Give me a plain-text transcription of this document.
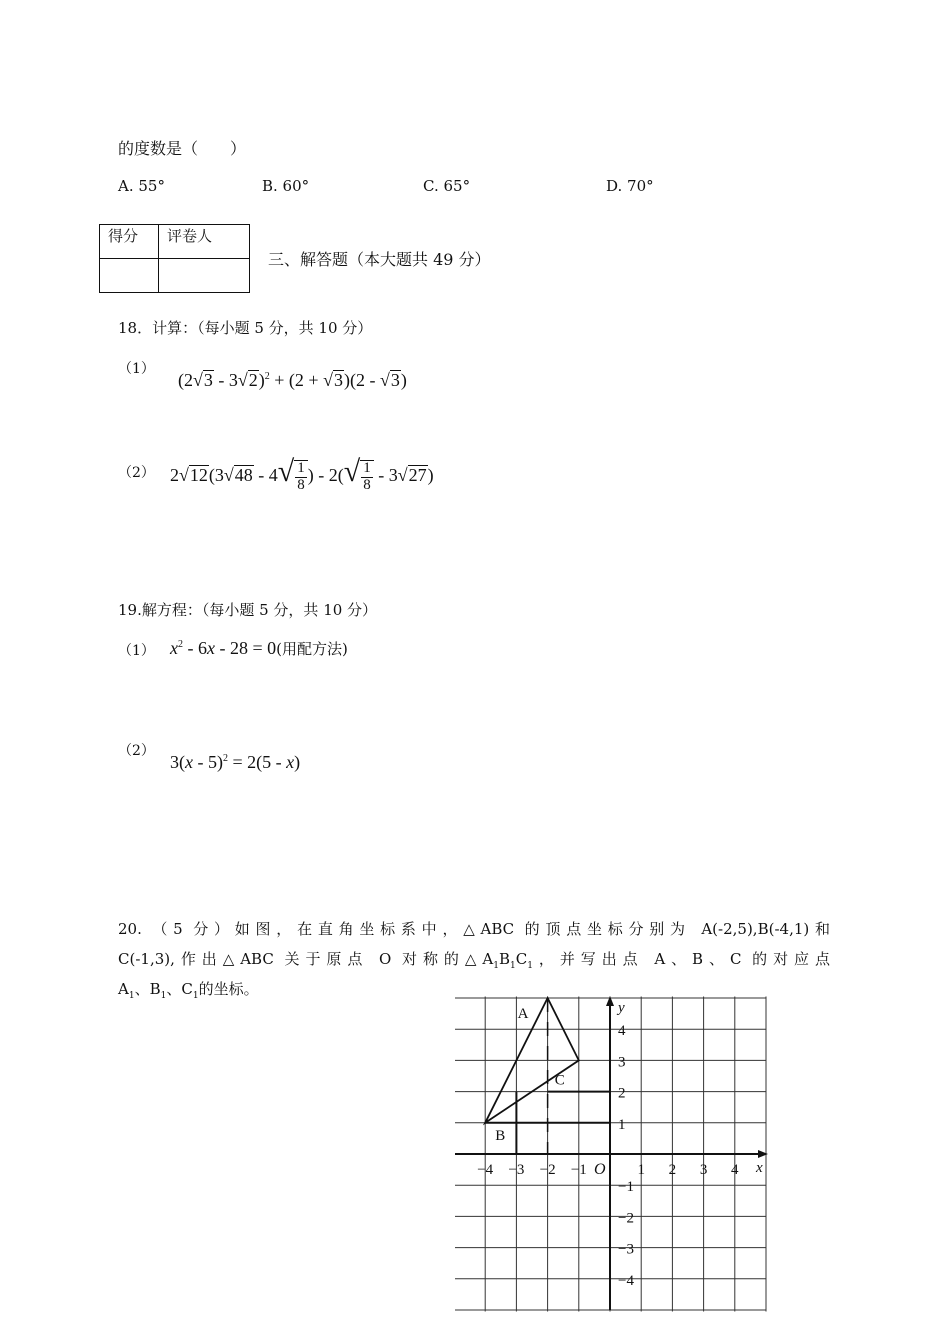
的度数是（　　）
A. 55°	B. 60°	C. 65°	D. 70°
得分	评卷人

三、解答题（本大题共 49 分）
18．计算：（每小题 5 分，共 10 分）
（1）
(2√3 - 3√2)$^2$ + (2 + √3)(2 - √3)
（2） $2√12(3√48 - 4√ \frac{1}{8}$ ) - $2(√ \frac{1}{8} - 3√27)$
19.解方程：（每小题 5 分，共 10 分）
（1） $x^2 - 6x - 28 = 0$(用配方法)
（2）
3(x - 5)$^2$ = 2(5 - x)
20. （5 分）如图，在直角坐标系中，△ABC 的顶点坐标分别为 A(-2,5),B(-4,1)和
C(-1,3),作出△ABC 关于原点 O 对称的$\triangle A_1B_1C_1$，并写出点 A、B、C 的对应点
$A_1$、$B_1$、$C_1$的坐标。
−4 −3 −2 −1	1 2 3 4
4
3
2
1
−1
−2
−3
−4
O	x
y
A
B
C
